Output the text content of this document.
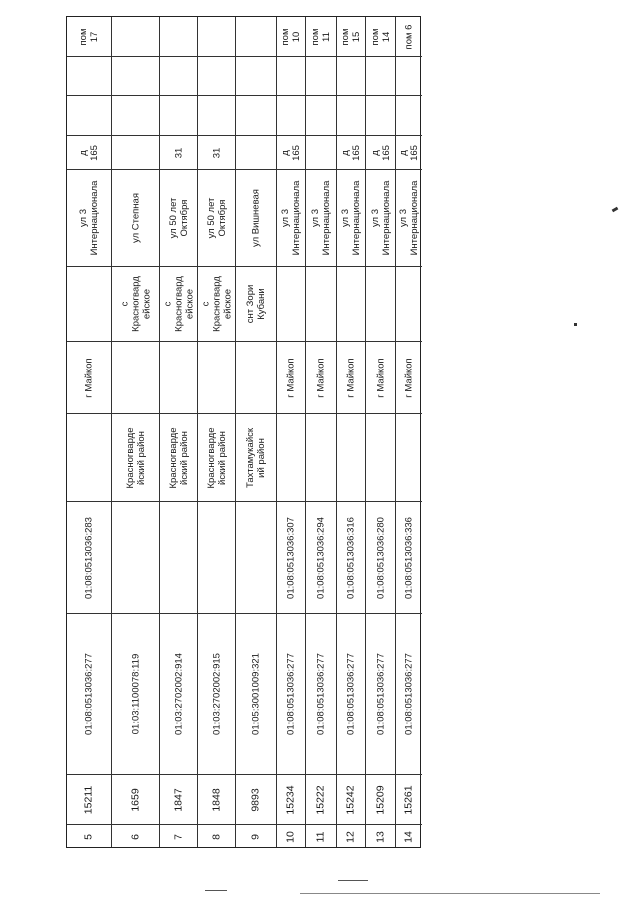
5
15211
01:08:0513036:277
01:08:0513036:283
г Майкоп
ул 3
Интернационала
д
165
пом
17
6
1659
01:03:1100078:119
Красногварде
йский район
с
Красногвард
ейское
ул Степная
7
1847
01:03:2702002:914
Красногварде
йский район
с
Красногвард
ейское
ул 50 лет
Октября
31
8
1848
01:03:2702002:915
Красногварде
йский район
с
Красногвард
ейское
ул 50 лет
Октября
31
9
9893
01:05:3001009:321
Тахтамукайск
ий район
снт Зори
Кубани
ул Вишневая
10
15234
01:08:0513036:277
01:08:0513036:307
г Майкоп
ул 3
Интернационала
д
165
пом
10
11
15222
01:08:0513036:277
01:08:0513036:294
г Майкоп
ул 3
Интернационала
пом
11
12
15242
01:08:0513036:277
01:08:0513036:316
г Майкоп
ул 3
Интернационала
д
165
пом
15
13
15209
01:08:0513036:277
01:08:0513036:280
г Майкоп
ул 3
Интернационала
д
165
пом
14
14
15261
01:08:0513036:277
01:08:0513036:336
г Майкоп
ул 3
Интернационала
д
165
пом 6
